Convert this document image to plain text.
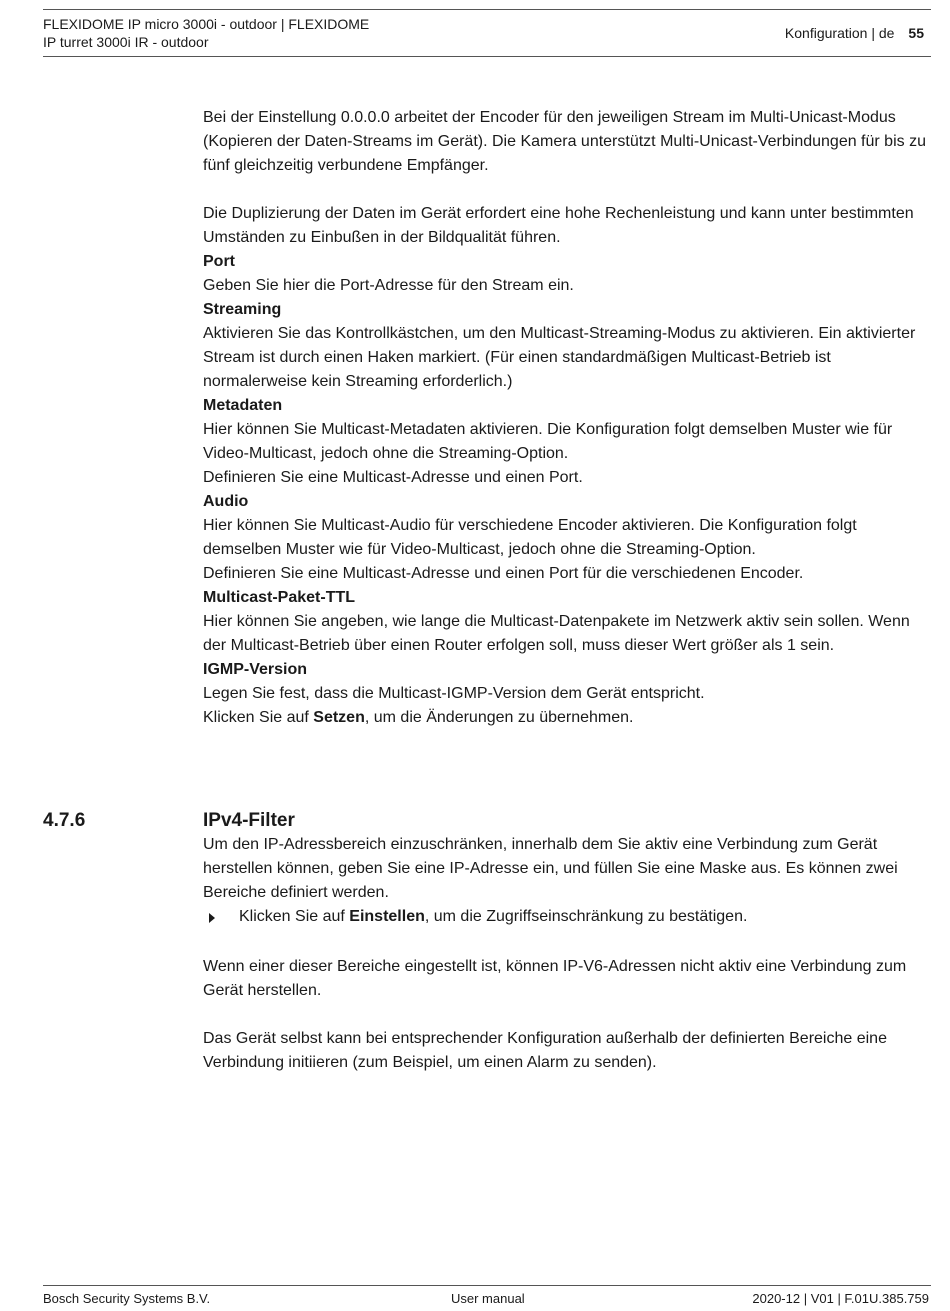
FLEXIDOME IP micro 3000i - outdoor | FLEXIDOME
IP turret 3000i IR - outdoor
Konfiguration | de 55

Bei der Einstellung 0.0.0.0 arbeitet der Encoder für den jeweiligen Stream im Multi-Unicast-Modus (Kopieren der Daten-Streams im Gerät). Die Kamera unterstützt Multi-Unicast-Verbindungen für bis zu fünf gleichzeitig verbundene Empfänger.

Die Duplizierung der Daten im Gerät erfordert eine hohe Rechenleistung und kann unter bestimmten Umständen zu Einbußen in der Bildqualität führen.

Port

Geben Sie hier die Port-Adresse für den Stream ein.

Streaming

Aktivieren Sie das Kontrollkästchen, um den Multicast-Streaming-Modus zu aktivieren. Ein aktivierter Stream ist durch einen Haken markiert. (Für einen standardmäßigen Multicast-Betrieb ist normalerweise kein Streaming erforderlich.)

Metadaten

Hier können Sie Multicast-Metadaten aktivieren. Die Konfiguration folgt demselben Muster wie für Video-Multicast, jedoch ohne die Streaming-Option.

Definieren Sie eine Multicast-Adresse und einen Port.

Audio

Hier können Sie Multicast-Audio für verschiedene Encoder aktivieren. Die Konfiguration folgt demselben Muster wie für Video-Multicast, jedoch ohne die Streaming-Option.

Definieren Sie eine Multicast-Adresse und einen Port für die verschiedenen Encoder.

Multicast-Paket-TTL

Hier können Sie angeben, wie lange die Multicast-Datenpakete im Netzwerk aktiv sein sollen. Wenn der Multicast-Betrieb über einen Router erfolgen soll, muss dieser Wert größer als 1 sein.

IGMP-Version

Legen Sie fest, dass die Multicast-IGMP-Version dem Gerät entspricht.

Klicken Sie auf Setzen, um die Änderungen zu übernehmen.

4.7.6	IPv4-Filter

Um den IP-Adressbereich einzuschränken, innerhalb dem Sie aktiv eine Verbindung zum Gerät herstellen können, geben Sie eine IP-Adresse ein, und füllen Sie eine Maske aus. Es können zwei Bereiche definiert werden.

Klicken Sie auf Einstellen, um die Zugriffseinschränkung zu bestätigen.

Wenn einer dieser Bereiche eingestellt ist, können IP-V6-Adressen nicht aktiv eine Verbindung zum Gerät herstellen.

Das Gerät selbst kann bei entsprechender Konfiguration außerhalb der definierten Bereiche eine Verbindung initiieren (zum Beispiel, um einen Alarm zu senden).

Bosch Security Systems B.V.	User manual	2020-12 | V01 | F.01U.385.759
